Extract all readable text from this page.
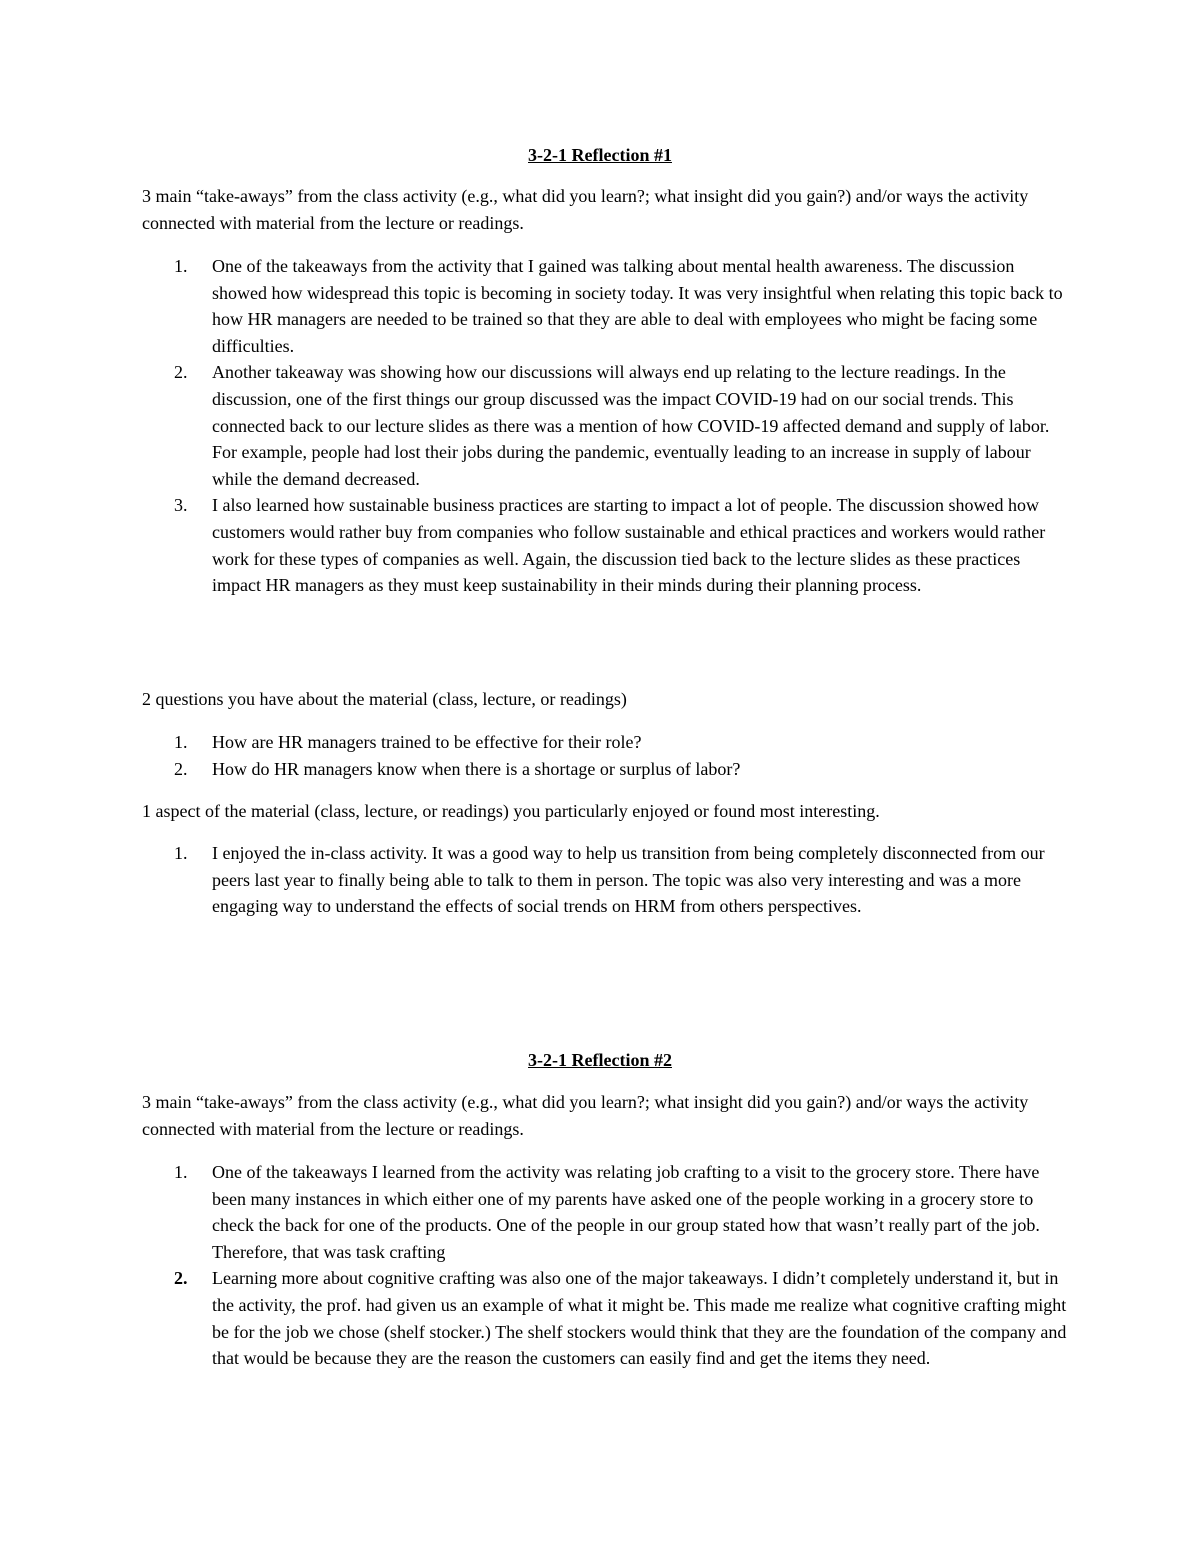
3-2-1 Reflection #1

3 main “take-aways” from the class activity (e.g., what did you learn?; what insight did you gain?) and/or ways the activity connected with material from the lecture or readings.

1.	One of the takeaways from the activity that I gained was talking about mental health awareness. The discussion showed how widespread this topic is becoming in society today. It was very insightful when relating this topic back to how HR managers are needed to be trained so that they are able to deal with employees who might be facing some difficulties.
2.	Another takeaway was showing how our discussions will always end up relating to the lecture readings. In the discussion, one of the first things our group discussed was the impact COVID-19 had on our social trends. This connected back to our lecture slides as there was a mention of how COVID-19 affected demand and supply of labor. For example, people had lost their jobs during the pandemic, eventually leading to an increase in supply of labour while the demand decreased.
3.	I also learned how sustainable business practices are starting to impact a lot of people. The discussion showed how customers would rather buy from companies who follow sustainable and ethical practices and workers would rather work for these types of companies as well. Again, the discussion tied back to the lecture slides as these practices impact HR managers as they must keep sustainability in their minds during their planning process.

2 questions you have about the material (class, lecture, or readings)

1.	How are HR managers trained to be effective for their role?
2.	How do HR managers know when there is a shortage or surplus of labor?

1 aspect of the material (class, lecture, or readings) you particularly enjoyed or found most interesting.

1.	I enjoyed the in-class activity. It was a good way to help us transition from being completely disconnected from our peers last year to finally being able to talk to them in person. The topic was also very interesting and was a more engaging way to understand the effects of social trends on HRM from others perspectives.
3-2-1 Reflection #2

3 main “take-aways” from the class activity (e.g., what did you learn?; what insight did you gain?) and/or ways the activity connected with material from the lecture or readings.

1.	One of the takeaways I learned from the activity was relating job crafting to a visit to the grocery store. There have been many instances in which either one of my parents have asked one of the people working in a grocery store to check the back for one of the products. One of the people in our group stated how that wasn’t really part of the job. Therefore, that was task crafting
2.	Learning more about cognitive crafting was also one of the major takeaways. I didn’t completely understand it, but in the activity, the prof. had given us an example of what it might be. This made me realize what cognitive crafting might be for the job we chose (shelf stocker.) The shelf stockers would think that they are the foundation of the company and that would be because they are the reason the customers can easily find and get the items they need.
